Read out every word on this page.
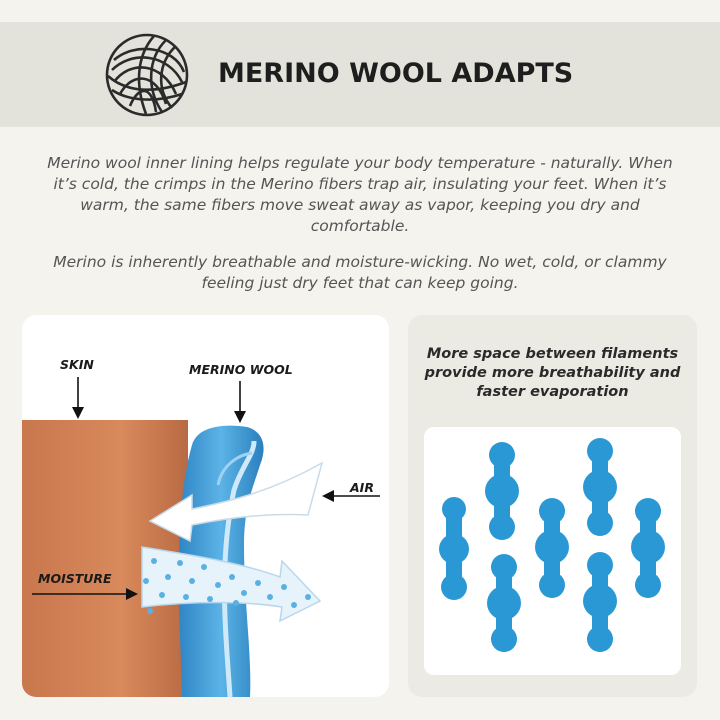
MERINO WOOL ADAPTS
Merino wool inner lining helps regulate your body temperature - naturally. When it’s cold, the crimps in the Merino fibers trap air, insulating your feet. When it’s warm, the same fibers move sweat away as vapor, keeping you dry and comfortable.
Merino is inherently breathable and moisture-wicking. No wet, cold, or clammy feeling just dry feet that can keep going.
SKIN	MERINO WOOL
AIR
MOISTURE
More space between filaments provide more breathability and faster evaporation
